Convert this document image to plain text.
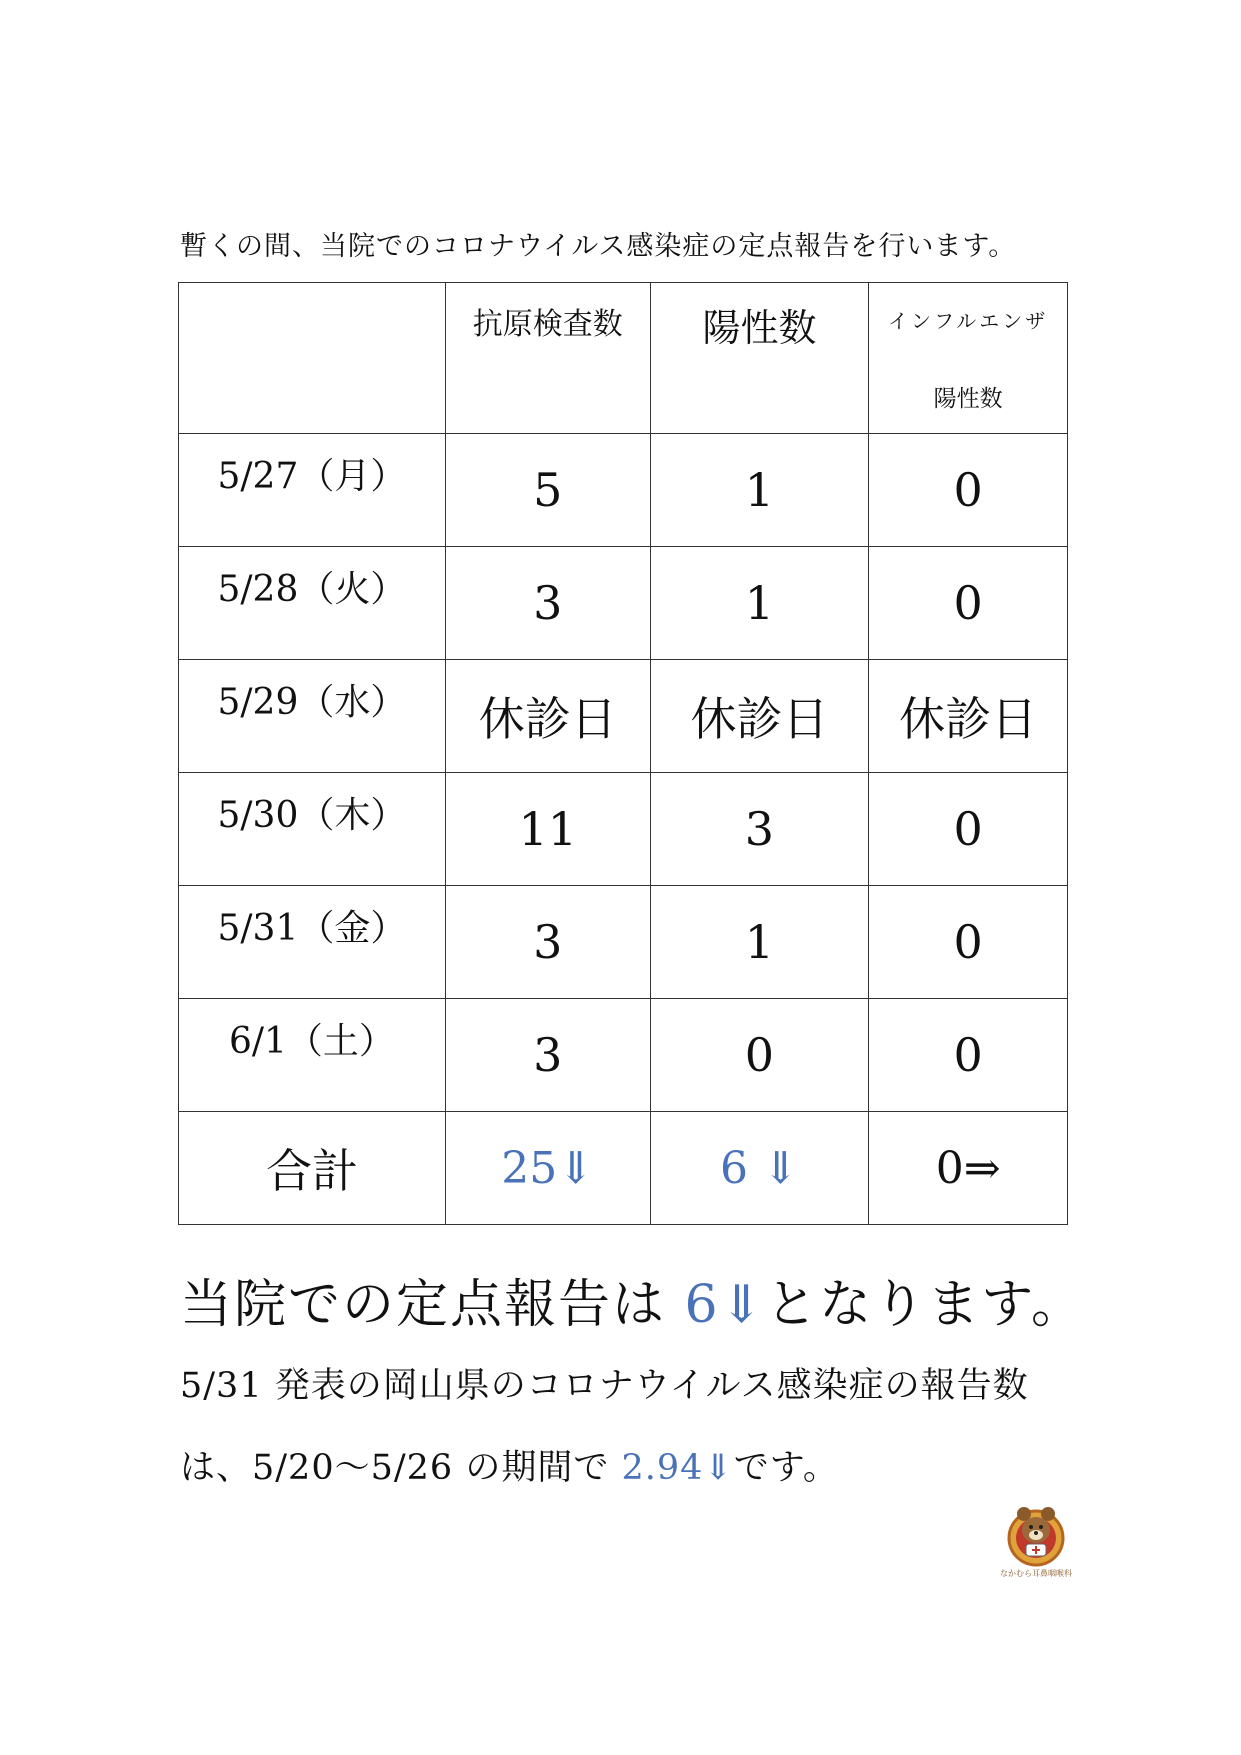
暫くの間、当院でのコロナウイルス感染症の定点報告を行います。

	抗原検査数	陽性数	インフルエンザ
陽性数

5/27（月）	5	1	0

5/28（火）	3	1	0

5/29（水）	休診日	休診日	休診日

5/30（木）	11	3	0

5/31（金）	3	1	0

6/1（土）	3	0	0
合計	25⇓	6 ⇓	0⇒
当院での定点報告は 6⇓となります。
5/31 発表の岡山県のコロナウイルス感染症の報告数
は、5/20～5/26 の期間で 2.94⇓です。
なかむら耳鼻咽喉科
